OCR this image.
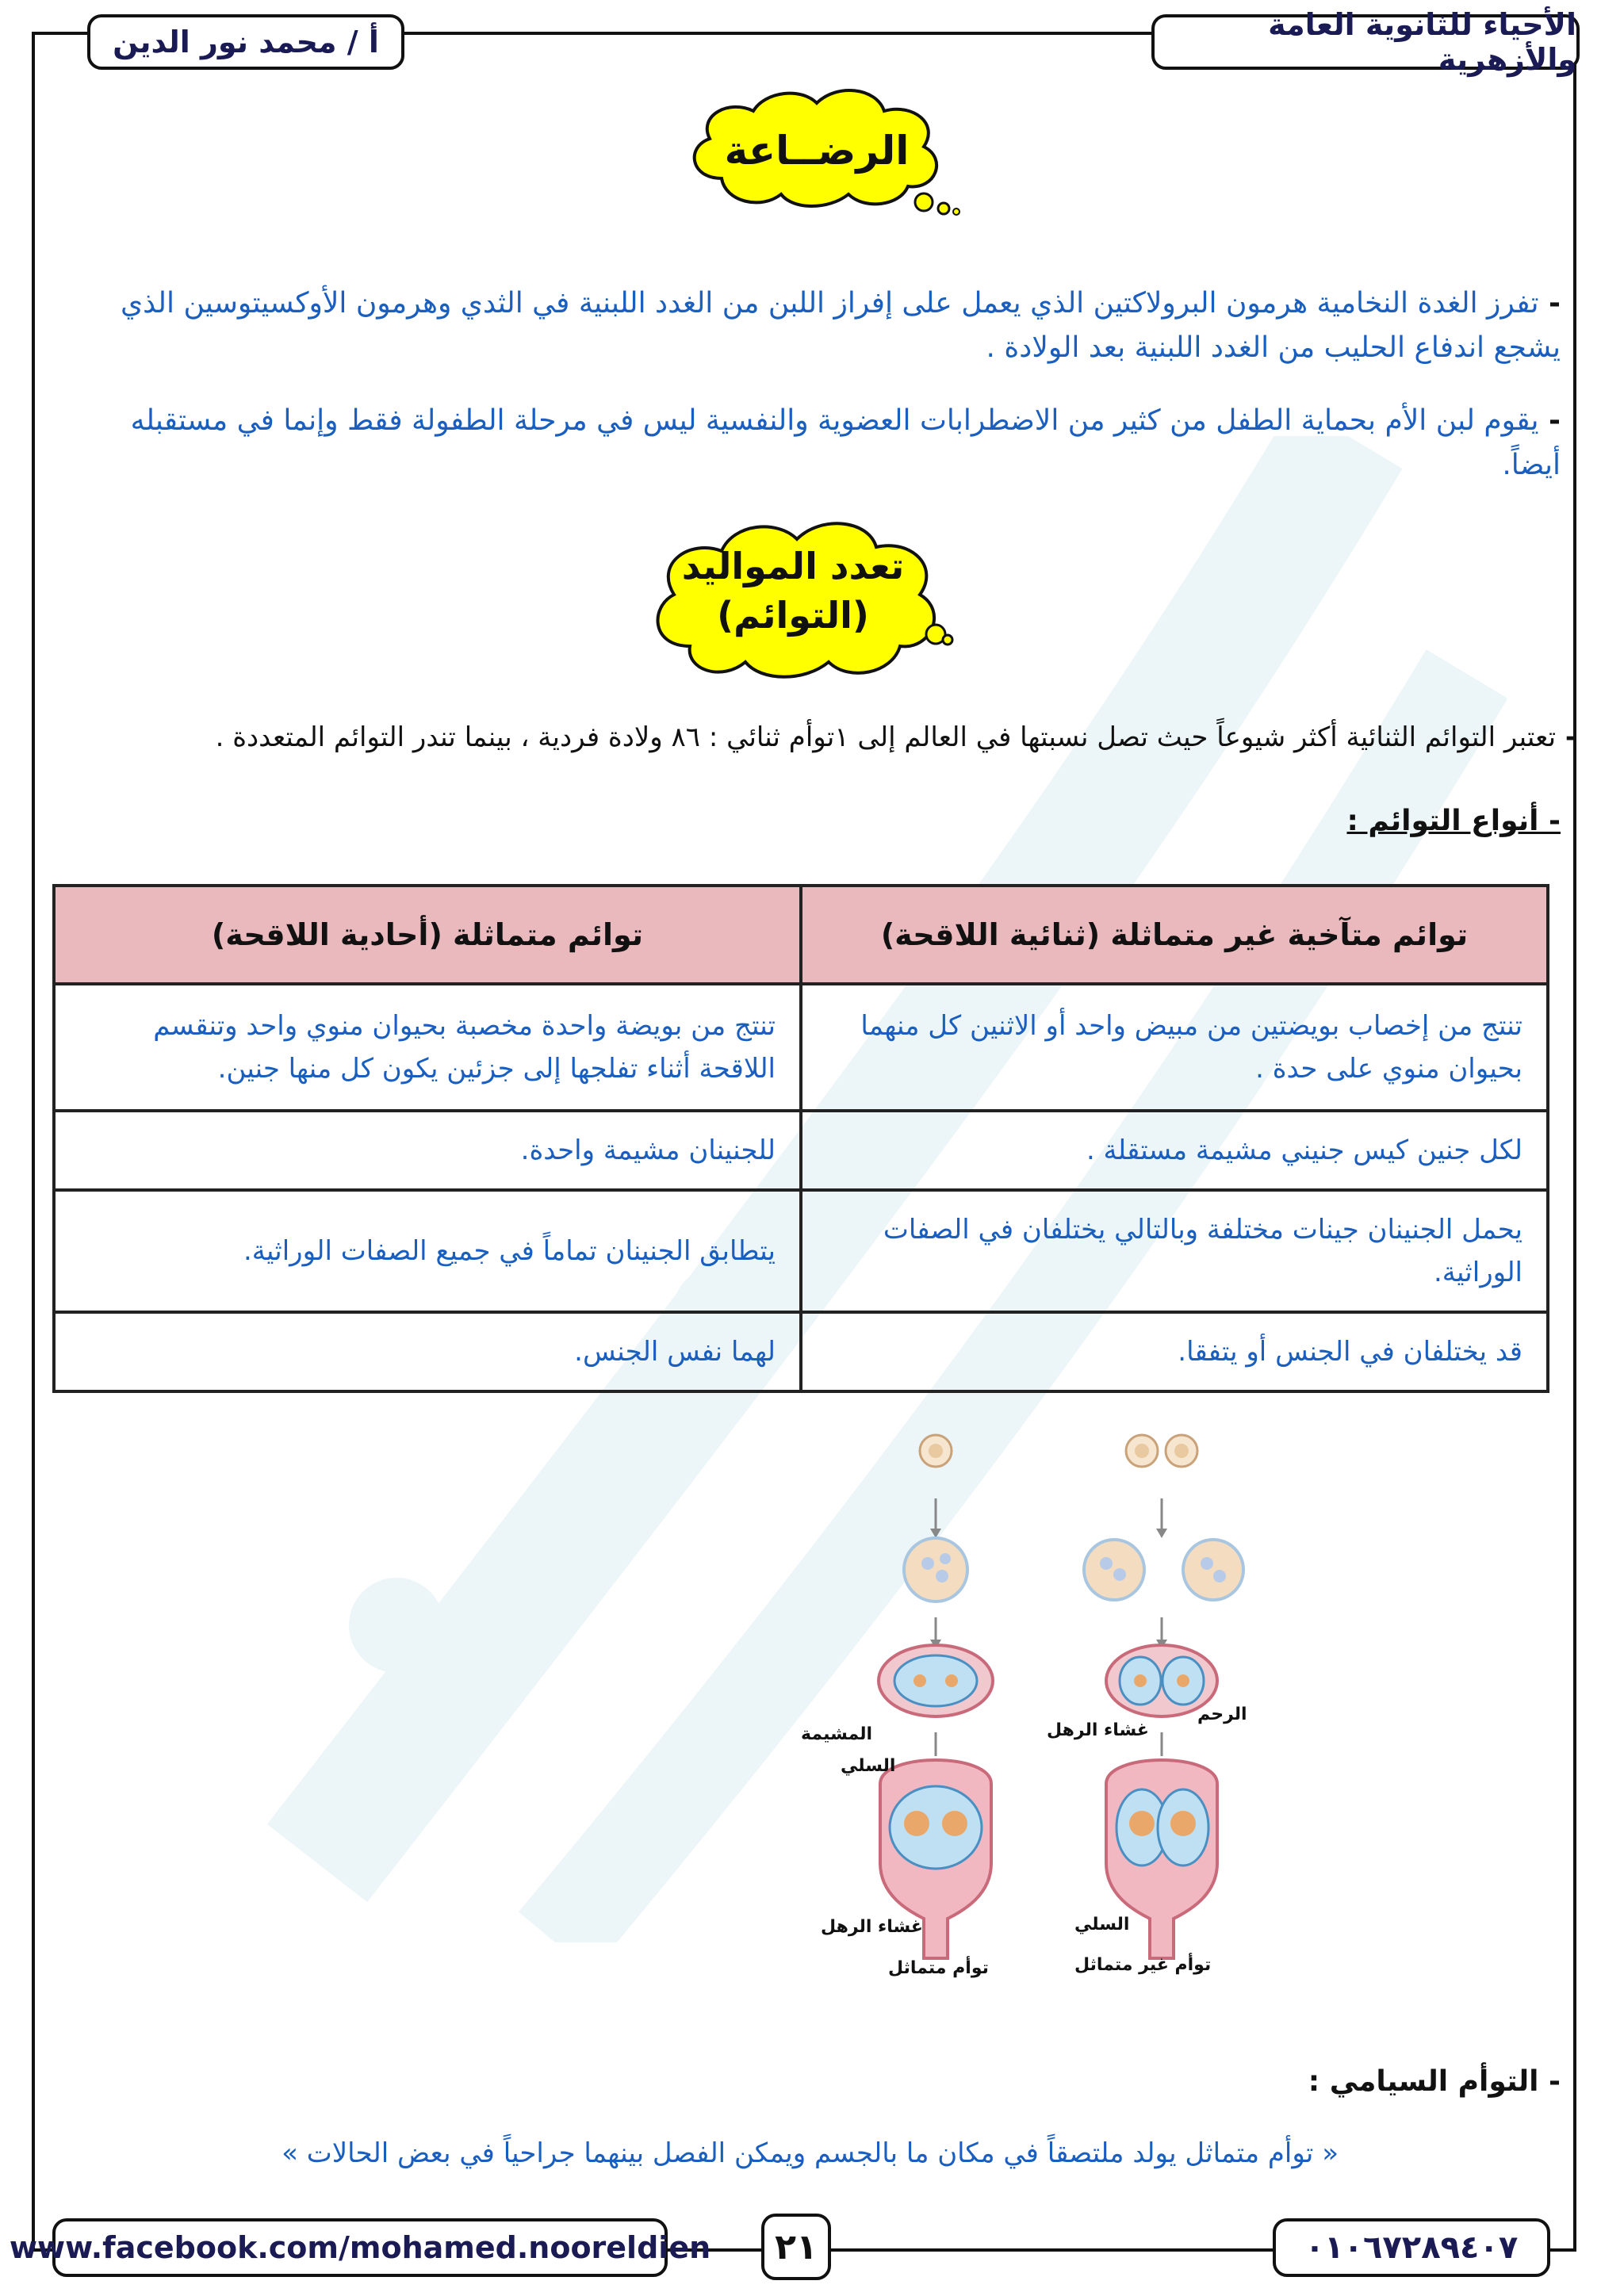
الأحياء للثانوية العامة والأزهرية
أ / محمد نور الدين
الرضــاعة
- تفرز الغدة النخامية هرمون البرولاكتين الذي يعمل على إفراز اللبن من الغدد اللبنية في الثدي وهرمون الأوكسيتوسين الذي يشجع اندفاع الحليب من الغدد اللبنية بعد الولادة .
- يقوم لبن الأم بحماية الطفل من كثير من الاضطرابات العضوية والنفسية ليس في مرحلة الطفولة فقط وإنما في مستقبله أيضاً.
تعدد المواليد
(التوائم)
- تعتبر التوائم الثنائية أكثر شيوعاً حيث تصل نسبتها في العالم إلى ١توأم ثنائي : ٨٦ ولادة فردية ، بينما تندر التوائم المتعددة .
- أنواع التوائم :
توائم متآخية غير متماثلة (ثنائية اللاقحة)	توائم متماثلة (أحادية اللاقحة)
تنتج من إخصاب بويضتين من مبيض واحد أو الاثنين كل منهما بحيوان منوي على حدة .	تنتج من بويضة واحدة مخصبة بحيوان منوي واحد وتنقسم اللاقحة أثناء تفلجها إلى جزئين يكون كل منها جنين.
لكل جنين كيس جنيني مشيمة مستقلة .	للجنينان مشيمة واحدة.
يحمل الجنينان جينات مختلفة وبالتالي يختلفان في الصفات الوراثية.	يتطابق الجنينان تماماً في جميع الصفات الوراثية.
قد يختلفان في الجنس أو يتفقا.	لهما نفس الجنس.
الرحم
غشاء الرهل
المشيمة
السلي
السلي
غشاء الرهل
توأم غير متماثل
توأم متماثل
- التوأم السيامي :
« توأم متماثل يولد ملتصقاً في مكان ما بالجسم ويمكن الفصل بينهما جراحياً في بعض الحالات »
www.facebook.com/mohamed.nooreldien ٢١	٠١٠٦٧٢٨٩٤٠٧
